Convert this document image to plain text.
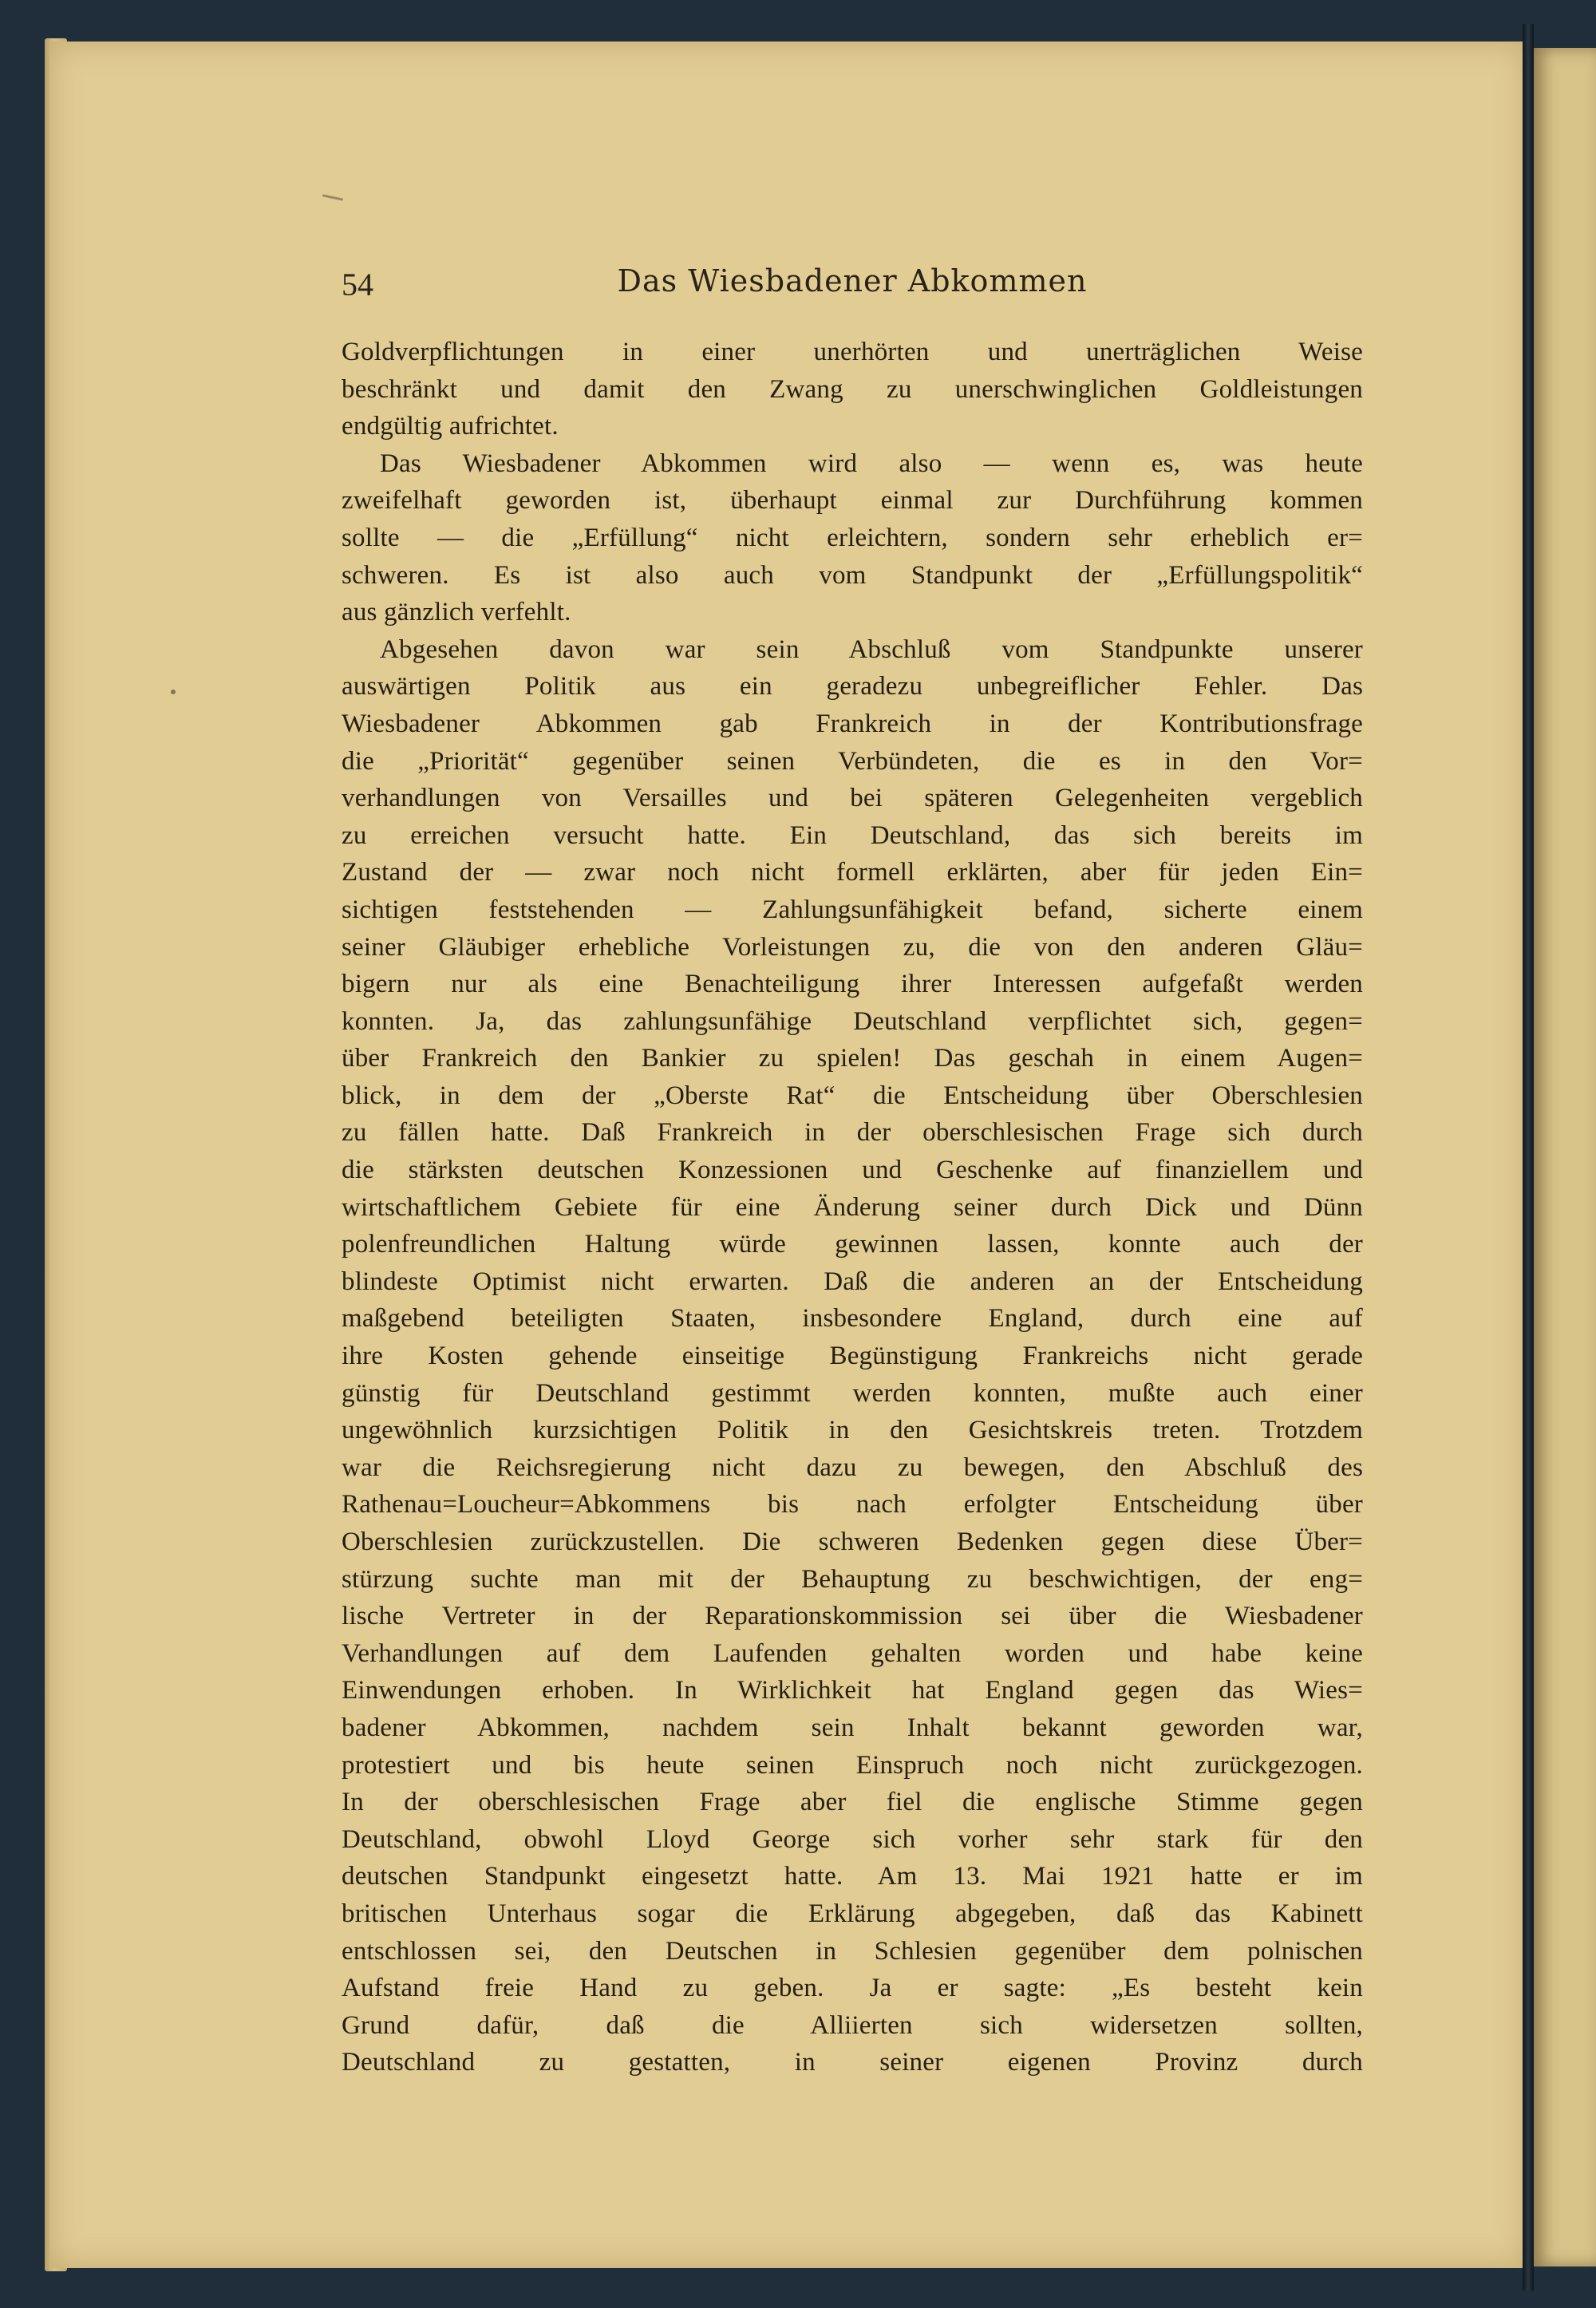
54	Das Wiesbadener Abkommen
Goldverpflichtungen in einer unerhörten und unerträglichen Weise
beschränkt und damit den Zwang zu unerschwinglichen Goldleistungen
endgültig aufrichtet.
Das Wiesbadener Abkommen wird also — wenn es, was heute
zweifelhaft geworden ist, überhaupt einmal zur Durchführung kommen
sollte — die „Erfüllung“ nicht erleichtern, sondern sehr erheblich er=
schweren. Es ist also auch vom Standpunkt der „Erfüllungspolitik“
aus gänzlich verfehlt.
Abgesehen davon war sein Abschluß vom Standpunkte unserer
auswärtigen Politik aus ein geradezu unbegreiflicher Fehler. Das
Wiesbadener Abkommen gab Frankreich in der Kontributionsfrage
die „Priorität“ gegenüber seinen Verbündeten, die es in den Vor=
verhandlungen von Versailles und bei späteren Gelegenheiten vergeblich
zu erreichen versucht hatte. Ein Deutschland, das sich bereits im
Zustand der — zwar noch nicht formell erklärten, aber für jeden Ein=
sichtigen feststehenden — Zahlungsunfähigkeit befand, sicherte einem
seiner Gläubiger erhebliche Vorleistungen zu, die von den anderen Gläu=
bigern nur als eine Benachteiligung ihrer Interessen aufgefaßt werden
konnten. Ja, das zahlungsunfähige Deutschland verpflichtet sich, gegen=
über Frankreich den Bankier zu spielen! Das geschah in einem Augen=
blick, in dem der „Oberste Rat“ die Entscheidung über Oberschlesien
zu fällen hatte. Daß Frankreich in der oberschlesischen Frage sich durch
die stärksten deutschen Konzessionen und Geschenke auf finanziellem und
wirtschaftlichem Gebiete für eine Änderung seiner durch Dick und Dünn
polenfreundlichen Haltung würde gewinnen lassen, konnte auch der
blindeste Optimist nicht erwarten. Daß die anderen an der Entscheidung
maßgebend beteiligten Staaten, insbesondere England, durch eine auf
ihre Kosten gehende einseitige Begünstigung Frankreichs nicht gerade
günstig für Deutschland gestimmt werden konnten, mußte auch einer
ungewöhnlich kurzsichtigen Politik in den Gesichtskreis treten. Trotzdem
war die Reichsregierung nicht dazu zu bewegen, den Abschluß des
Rathenau=Loucheur=Abkommens bis nach erfolgter Entscheidung über
Oberschlesien zurückzustellen. Die schweren Bedenken gegen diese Über=
stürzung suchte man mit der Behauptung zu beschwichtigen, der eng=
lische Vertreter in der Reparationskommission sei über die Wiesbadener
Verhandlungen auf dem Laufenden gehalten worden und habe keine
Einwendungen erhoben. In Wirklichkeit hat England gegen das Wies=
badener Abkommen, nachdem sein Inhalt bekannt geworden war,
protestiert und bis heute seinen Einspruch noch nicht zurückgezogen.
In der oberschlesischen Frage aber fiel die englische Stimme gegen
Deutschland, obwohl Lloyd George sich vorher sehr stark für den
deutschen Standpunkt eingesetzt hatte. Am 13. Mai 1921 hatte er im
britischen Unterhaus sogar die Erklärung abgegeben, daß das Kabinett
entschlossen sei, den Deutschen in Schlesien gegenüber dem polnischen
Aufstand freie Hand zu geben. Ja er sagte: „Es besteht kein
Grund dafür, daß die Alliierten sich widersetzen sollten,
Deutschland zu gestatten, in seiner eigenen Provinz durch
